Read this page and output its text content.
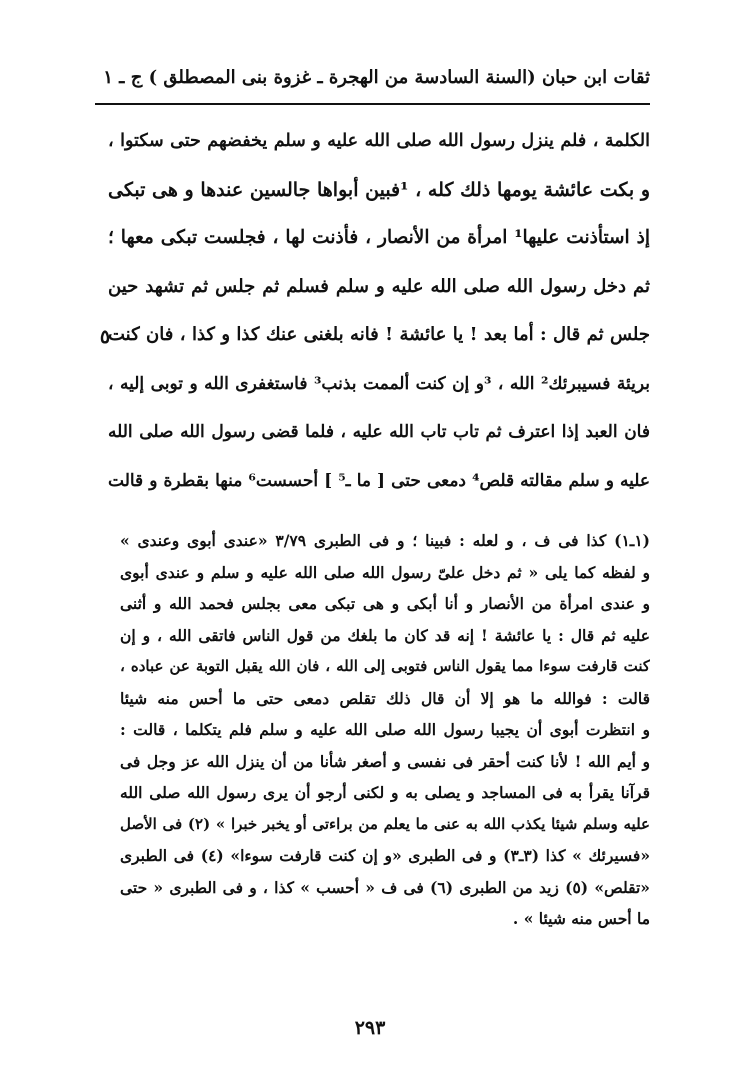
ثقات ابن حبان (السنة السادسة من الهجرة ـ غزوة بنى المصطلق ) ج ـ ١
الكلمة ، فلم ينزل رسول الله صلى الله عليه و سلم يخفضهم حتى سكتوا ،
و بكت عائشة يومها ذلك كله ، ¹فبين أبواها جالسين عندها و هى تبكى
إذ استأذنت عليها¹ امرأة من الأنصار ، فأذنت لها ، فجلست تبكى معها ؛
ثم دخل رسول الله صلى الله عليه و سلم فسلم ثم جلس ثم تشهد حين
جلس ثم قال : أما بعد ! يا عائشة ! فانه بلغنى عنك كذا و كذا ، فان كنت
بريئة فسيبرئك² الله ، ³و إن كنت ألممت بذنب³ فاستغفرى الله و توبى إليه ،
فان العبد إذا اعترف ثم تاب تاب الله عليه ، فلما قضى رسول الله صلى الله
عليه و سلم مقالته قلص⁴ دمعى حتى [ ما ـ⁵ ] أحسست⁶ منها بقطرة و قالت
٥
(١ـ١) كذا فى ف ، و لعله : فبينا ؛ و فى الطبرى ٣/٧٩ «عندى أبوى وعندى »
و لفظه كما يلى « ثم دخل علىّ رسول الله صلى الله عليه و سلم و عندى أبوى
و عندى امرأة من الأنصار و أنا أبكى و هى تبكى معى بجلس فحمد الله و أثنى
عليه ثم قال : يا عائشة ! إنه قد كان ما بلغك من قول الناس فاتقى الله ، و إن
كنت قارفت سوءا مما يقول الناس فتوبى إلى الله ، فان الله يقبل التوبة عن عباده ،
قالت : فوالله ما هو إلا أن قال ذلك تقلص دمعى حتى ما أحس منه شيئا
و انتظرت أبوى أن يجيبا رسول الله صلى الله عليه و سلم فلم يتكلما ، قالت :
و أيم الله ! لأنا كنت أحقر فى نفسى و أصغر شأنا من أن ينزل الله عز وجل فى
قرآنا يقرأ به فى المساجد و يصلى به و لكنى أرجو أن يرى رسول الله صلى الله
عليه وسلم شيئا يكذب الله به عنى ما يعلم من براءتى أو يخبر خبرا » (٢) فى الأصل
«فسيرئك » كذا (٣ـ٣) و فى الطبرى «و إن كنت قارفت سوءا» (٤) فى الطبرى
«تقلص» (٥) زيد من الطبرى (٦) فى ف « أحسب » كذا ، و فى الطبرى « حتى
ما أحس منه شيئا » .
٢٩٣
